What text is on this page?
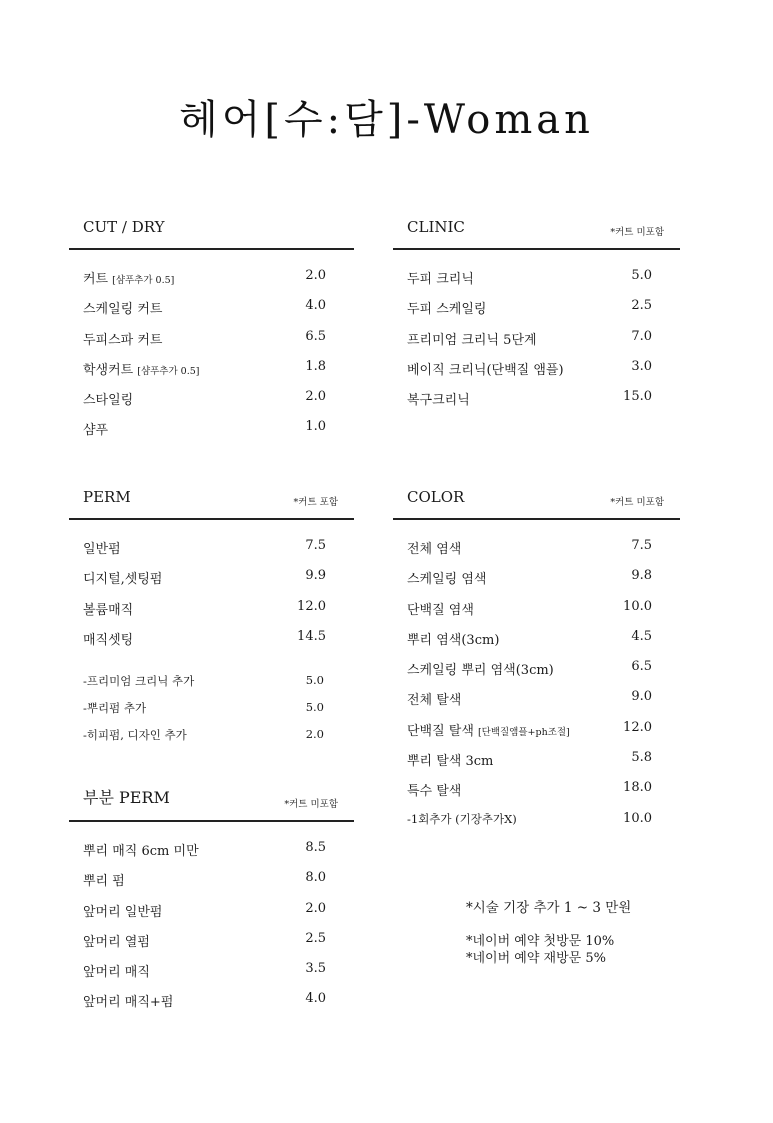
헤어[수:담]-Woman
CUT / DRY
커트 [샴푸추가 0.5]	2.0
스케일링 커트	4.0
두피스파 커트	6.5
학생커트 [샴푸추가 0.5]	1.8
스타일링	2.0
샴푸	1.0
CLINIC	*커트 미포함
두피 크리닉	5.0
두피 스케일링	2.5
프리미엄 크리닉 5단계	7.0
베이직 크리닉(단백질 앰플)	3.0
복구크리닉	15.0
PERM	*커트 포함
일반펌	7.5
디지털,셋팅펌	9.9
볼륨매직	12.0
매직셋팅	14.5
-프리미엄 크리닉 추가	5.0
-뿌리펌 추가	5.0
-히피펌, 디자인 추가	2.0
COLOR	*커트 미포함
전체 염색	7.5
스케일링 염색	9.8
단백질 염색	10.0
뿌리 염색(3cm)	4.5
스케일링 뿌리 염색(3cm)	6.5
전체 탈색	9.0
단백질 탈색 [단백질앰플+ph조절]	12.0
뿌리 탈색 3cm	5.8
특수 탈색	18.0
-1회추가 (기장추가X)	10.0
부분 PERM	*커트 미포함
뿌리 매직 6cm 미만	8.5
뿌리 펌	8.0
앞머리 일반펌	2.0
앞머리 열펌	2.5
앞머리 매직	3.5
앞머리 매직+펌	4.0
*시술 기장 추가 1 ~ 3 만원
*네이버 예약 첫방문 10%
*네이버 예약 재방문 5%
